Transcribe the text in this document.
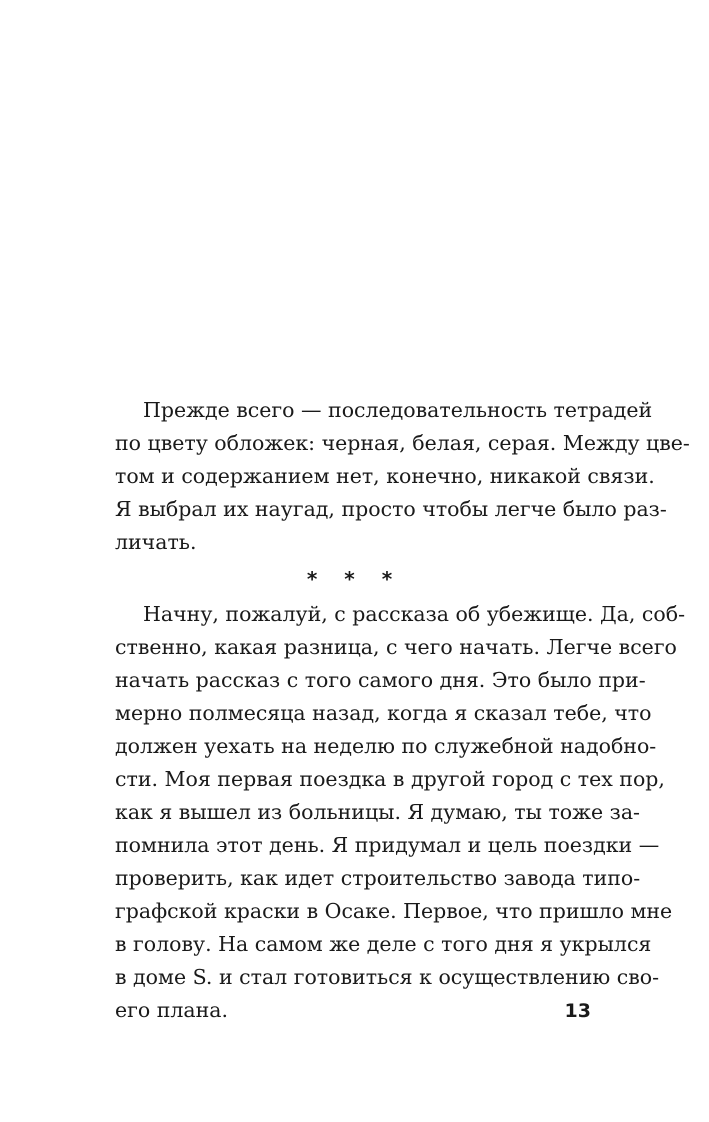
Прежде всего — последовательность тетрадей
по цвету обложек: черная, белая, серая. Между цве-
том и содержанием нет, конечно, никакой связи.
Я выбрал их наугад, просто чтобы легче было раз-
личать.
* * *
Начну, пожалуй, с рассказа об убежище. Да, соб-
ственно, какая разница, с чего начать. Легче всего
начать рассказ с того самого дня. Это было при-
мерно полмесяца назад, когда я сказал тебе, что
должен уехать на неделю по служебной надобно-
сти. Моя первая поездка в другой город с тех пор,
как я вышел из больницы. Я думаю, ты тоже за-
помнила этот день. Я придумал и цель поездки —
проверить, как идет строительство завода типо-
графской краски в Осаке. Первое, что пришло мне
в голову. На самом же деле с того дня я укрылся
в доме S. и стал готовиться к осуществлению сво-
его плана.	13
